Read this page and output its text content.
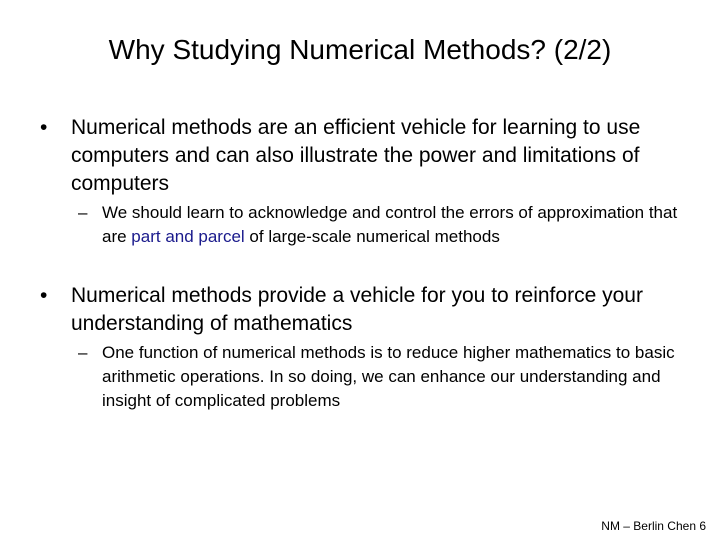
Why Studying Numerical Methods? (2/2)
• Numerical methods are an efficient vehicle for learning to use computers and can also illustrate the power and limitations of computers
– We should learn to acknowledge and control the errors of approximation that are part and parcel of large-scale numerical methods
• Numerical methods provide a vehicle for you to reinforce your understanding of mathematics
– One function of numerical methods is to reduce higher mathematics to basic arithmetic operations. In so doing, we can enhance our understanding and insight of complicated problems
NM – Berlin Chen 6
